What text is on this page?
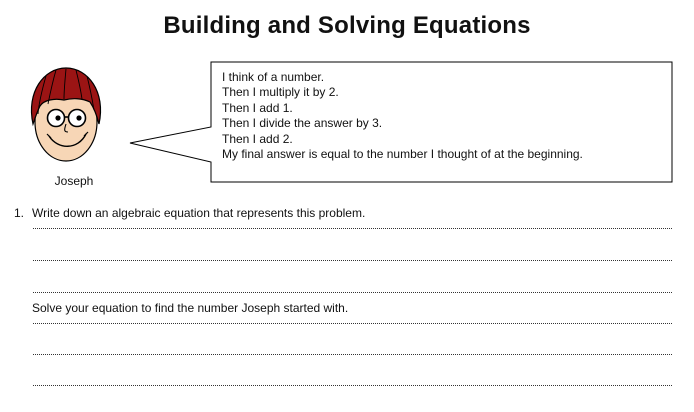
Building and Solving Equations
Joseph
I think of a number.
Then I multiply it by 2.
Then I add 1.
Then I divide the answer by 3.
Then I add 2.
My final answer is equal to the number I thought of at the beginning.
1. Write down an algebraic equation that represents this problem.
Solve your equation to find the number Joseph started with.
